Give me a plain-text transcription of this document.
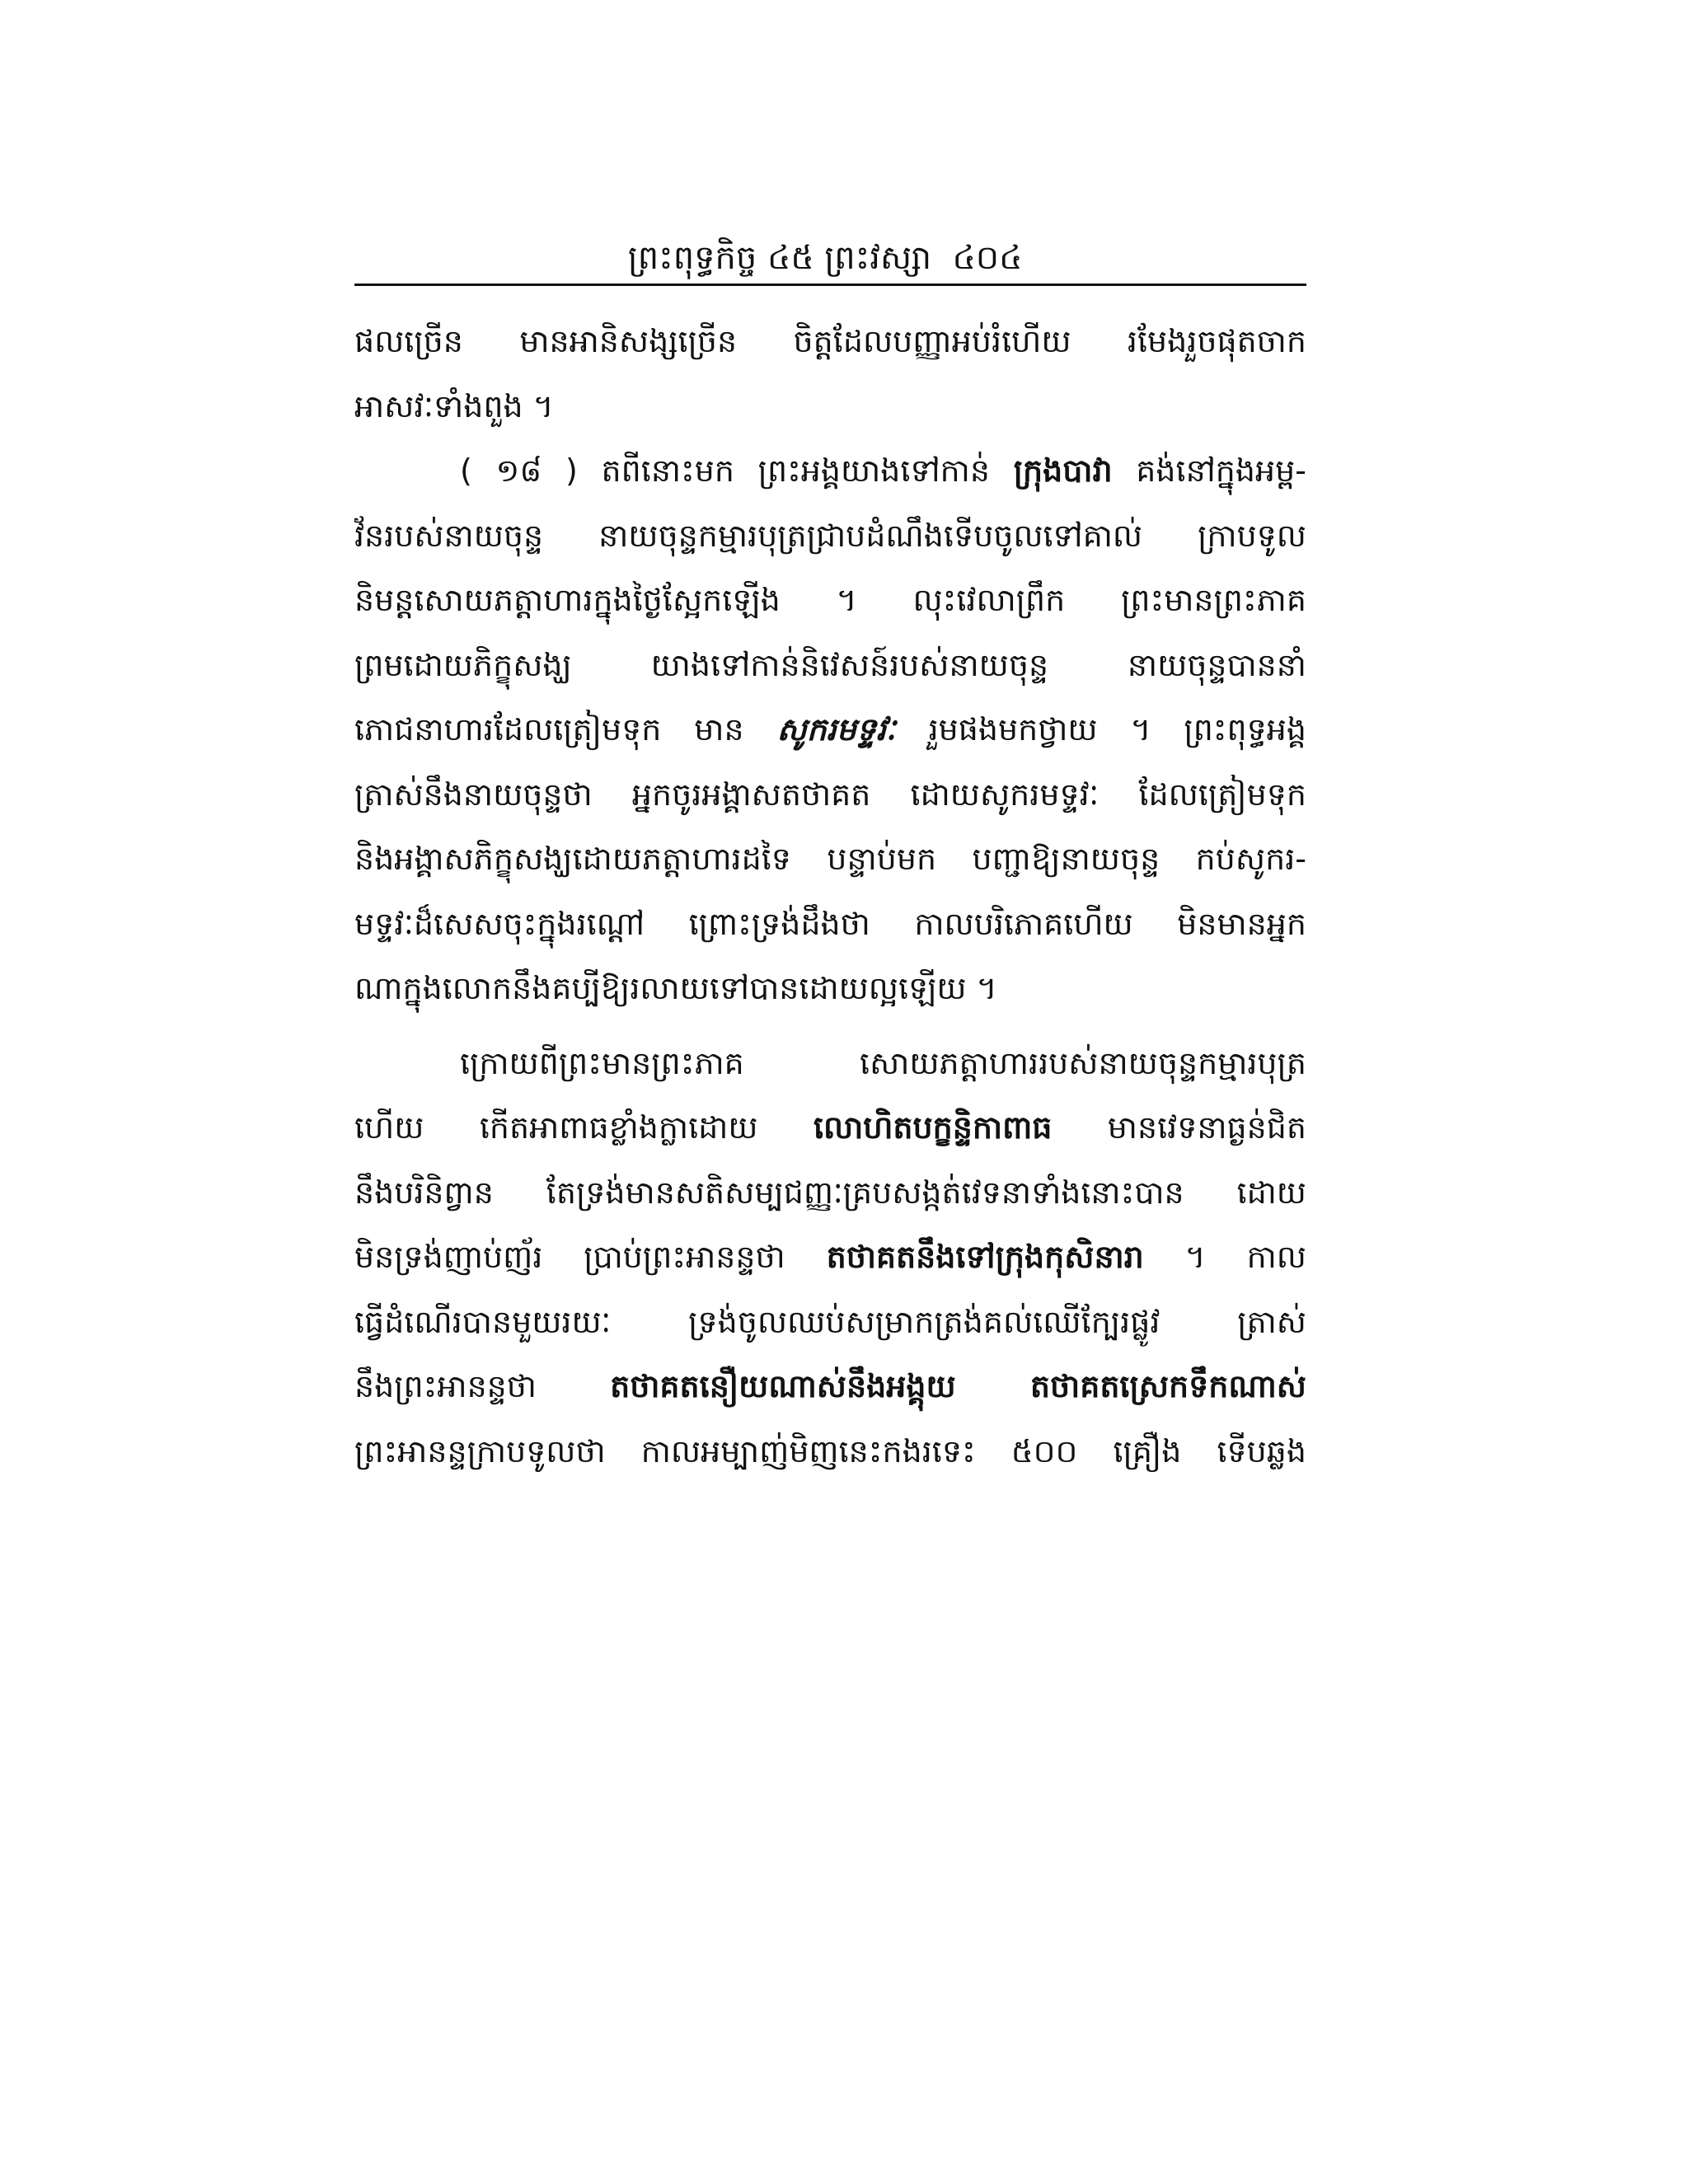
ព្រះពុទ្ធកិច្ច ៤៥ ព្រះវស្សា ៤០៤
ផលច្រើន មានអានិសង្សច្រើន ចិត្តដែលបញ្ញាអប់រំហើយ រមែងរួចផុតចាក
អាសវៈទាំងពួង ។
( ១៨ ) តពីនោះមក ព្រះអង្គយាងទៅកាន់ ក្រុងបាវា គង់នៅក្នុងអម្ព-
វ័នរបស់នាយចុន្ទ នាយចុន្ទកម្មារបុត្រជ្រាបដំណឹងទើបចូលទៅគាល់ ក្រាបទូល
និមន្តសោយភត្តាហារក្នុងថ្ងៃស្អែកឡើង ។ លុះវេលាព្រឹក ព្រះមានព្រះភាគ
ព្រមដោយភិក្ខុសង្ឃ យាងទៅកាន់និវេសន៍របស់នាយចុន្ទ នាយចុន្ទបាននាំ
ភោជនាហារដែលត្រៀមទុក មាន សូករមទ្ទវៈ រួមផងមកថ្វាយ ។ ព្រះពុទ្ធអង្គ
ត្រាស់នឹងនាយចុន្ទថា អ្នកចូរអង្គាសតថាគត ដោយសូករមទ្ទវៈ ដែលត្រៀមទុក
និងអង្គាសភិក្ខុសង្ឃដោយភត្តាហារដទៃ បន្ទាប់មក បញ្ជាឱ្យនាយចុន្ទ កប់សូករ-
មទ្ទវៈដ៏សេសចុះក្នុងរណ្ដៅ ព្រោះទ្រង់ដឹងថា កាលបរិភោគហើយ មិនមានអ្នក
ណាក្នុងលោកនឹងគប្បីឱ្យរលាយទៅបានដោយល្អឡើយ ។
ក្រោយពីព្រះមានព្រះភាគ សោយភត្តាហាររបស់នាយចុន្ទកម្មារបុត្រ
ហើយ កើតអាពាធខ្លាំងក្លាដោយ លោហិតបក្ខន្ទិកាពាធ មានវេទនាធ្ងន់ជិត
នឹងបរិនិព្វាន តែទ្រង់មានសតិសម្បជញ្ញៈគ្របសង្កត់វេទនាទាំងនោះបាន ដោយ
មិនទ្រង់ញាប់ញ័រ ប្រាប់ព្រះអានន្ទថា តថាគតនឹងទៅក្រុងកុសិនារា ។ កាល
ធ្វើដំណើរបានមួយរយៈ ទ្រង់ចូលឈប់សម្រាកត្រង់គល់ឈើក្បែរផ្លូវ ត្រាស់
នឹងព្រះអានន្ទថា តថាគតនឿយណាស់នឹងអង្គុយ តថាគតស្រេកទឹកណាស់
ព្រះអានន្ទក្រាបទូលថា កាលអម្បាញ់មិញនេះកងរទេះ ៥០០ គ្រឿង ទើបឆ្លង
